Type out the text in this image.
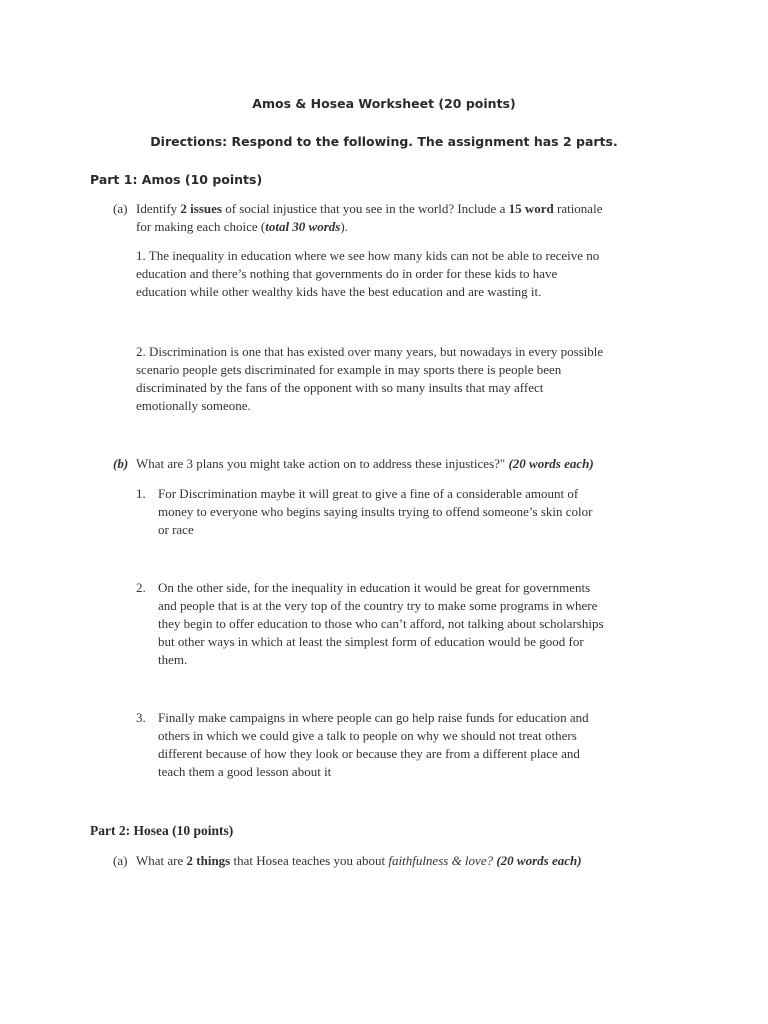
Amos & Hosea Worksheet (20 points)
Directions: Respond to the following. The assignment has 2 parts.
Part 1: Amos (10 points)
(a) Identify 2 issues of social injustice that you see in the world? Include a 15 word rationale
for making each choice (total 30 words).
1. The inequality in education where we see how many kids can not be able to receive no
education and there’s nothing that governments do in order for these kids to have
education while other wealthy kids have the best education and are wasting it.
2. Discrimination is one that has existed over many years, but nowadays in every possible
scenario people gets discriminated for example in may sports there is people been
discriminated by the fans of the opponent with so many insults that may affect
emotionally someone.
(b) What are 3 plans you might take action on to address these injustices?" (20 words each)
1. For Discrimination maybe it will great to give a fine of a considerable amount of
money to everyone who begins saying insults trying to offend someone’s skin color
or race
2. On the other side, for the inequality in education it would be great for governments
and people that is at the very top of the country try to make some programs in where
they begin to offer education to those who can’t afford, not talking about scholarships
but other ways in which at least the simplest form of education would be good for
them.
3. Finally make campaigns in where people can go help raise funds for education and
others in which we could give a talk to people on why we should not treat others
different because of how they look or because they are from a different place and
teach them a good lesson about it
Part 2: Hosea (10 points)
(a) What are 2 things that Hosea teaches you about faithfulness & love? (20 words each)
